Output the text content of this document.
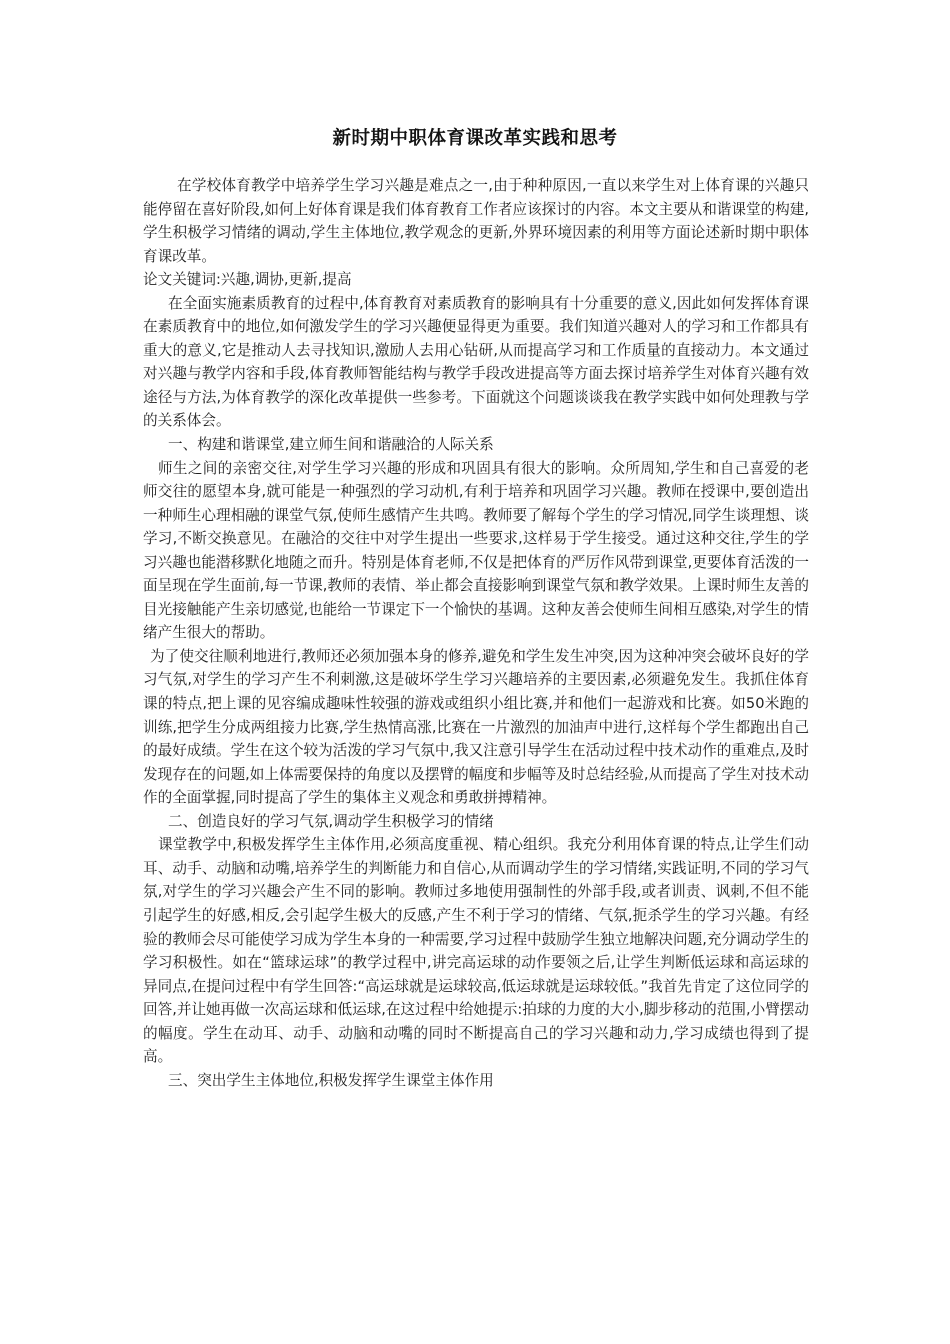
新时期中职体育课改革实践和思考

在学校体育教学中培养学生学习兴趣是难点之一,由于种种原因,一直以来学生对上体育课的兴趣只能停留在喜好阶段,如何上好体育课是我们体育教育工作者应该探讨的内容。本文主要从和谐课堂的构建,学生积极学习情绪的调动,学生主体地位,教学观念的更新,外界环境因素的利用等方面论述新时期中职体育课改革。

论文关键词:兴趣,调协,更新,提高

在全面实施素质教育的过程中,体育教育对素质教育的影响具有十分重要的意义,因此如何发挥体育课在素质教育中的地位,如何激发学生的学习兴趣便显得更为重要。我们知道兴趣对人的学习和工作都具有重大的意义,它是推动人去寻找知识,激励人去用心钻研,从而提高学习和工作质量的直接动力。本文通过对兴趣与教学内容和手段,体育教师智能结构与教学手段改进提高等方面去探讨培养学生对体育兴趣有效途径与方法,为体育教学的深化改革提供一些参考。下面就这个问题谈谈我在教学实践中如何处理教与学的关系体会。

一、构建和谐课堂,建立师生间和谐融洽的人际关系

师生之间的亲密交往,对学生学习兴趣的形成和巩固具有很大的影响。众所周知,学生和自己喜爱的老师交往的愿望本身,就可能是一种强烈的学习动机,有利于培养和巩固学习兴趣。教师在授课中,要创造出一种师生心理相融的课堂气氛,使师生感情产生共鸣。教师要了解每个学生的学习情况,同学生谈理想、谈学习,不断交换意见。在融洽的交往中对学生提出一些要求,这样易于学生接受。通过这种交往,学生的学习兴趣也能潜移默化地随之而升。特别是体育老师,不仅是把体育的严厉作风带到课堂,更要体育活泼的一面呈现在学生面前,每一节课,教师的表情、举止都会直接影响到课堂气氛和教学效果。上课时师生友善的目光接触能产生亲切感觉,也能给一节课定下一个愉快的基调。这种友善会使师生间相互感染,对学生的情绪产生很大的帮助。

为了使交往顺利地进行,教师还必须加强本身的修养,避免和学生发生冲突,因为这种冲突会破坏良好的学习气氛,对学生的学习产生不利刺激,这是破坏学生学习兴趣培养的主要因素,必须避免发生。我抓住体育课的特点,把上课的见容编成趣味性较强的游戏或组织小组比赛,并和他们一起游戏和比赛。如50米跑的训练,把学生分成两组接力比赛,学生热情高涨,比赛在一片激烈的加油声中进行,这样每个学生都跑出自己的最好成绩。学生在这个较为活泼的学习气氛中,我又注意引导学生在活动过程中技术动作的重难点,及时发现存在的问题,如上体需要保持的角度以及摆臂的幅度和步幅等及时总结经验,从而提高了学生对技术动作的全面掌握,同时提高了学生的集体主义观念和勇敢拼搏精神。

二、创造良好的学习气氛,调动学生积极学习的情绪

课堂教学中,积极发挥学生主体作用,必须高度重视、精心组织。我充分利用体育课的特点,让学生们动耳、动手、动脑和动嘴,培养学生的判断能力和自信心,从而调动学生的学习情绪,实践证明,不同的学习气氛,对学生的学习兴趣会产生不同的影响。教师过多地使用强制性的外部手段,或者训责、讽刺,不但不能引起学生的好感,相反,会引起学生极大的反感,产生不利于学习的情绪、气氛,扼杀学生的学习兴趣。有经验的教师会尽可能使学习成为学生本身的一种需要,学习过程中鼓励学生独立地解决问题,充分调动学生的学习积极性。如在“篮球运球”的教学过程中,讲完高运球的动作要领之后,让学生判断低运球和高运球的异同点,在提问过程中有学生回答:“高运球就是运球较高,低运球就是运球较低。”我首先肯定了这位同学的回答,并让她再做一次高运球和低运球,在这过程中给她提示:拍球的力度的大小,脚步移动的范围,小臂摆动的幅度。学生在动耳、动手、动脑和动嘴的同时不断提高自己的学习兴趣和动力,学习成绩也得到了提高。

三、突出学生主体地位,积极发挥学生课堂主体作用
